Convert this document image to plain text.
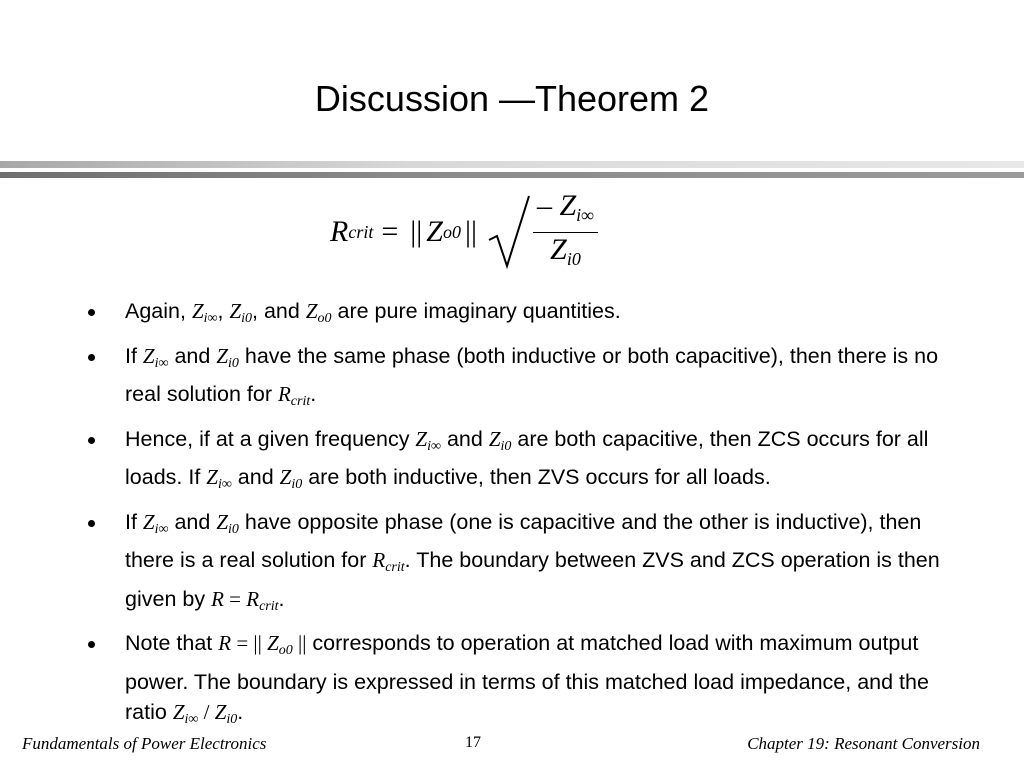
Discussion —Theorem 2
R crit = || Z o0 || $\frac{- Z_{i\infty}}{Z_{i0}}$
Again, $Z_{i\infty}$, $Z_{i0}$, and $Z_{o0}$ are pure imaginary quantities.
If $Z_{i\infty}$ and $Z_{i0}$ have the same phase (both inductive or both capacitive), then there is no real solution for $R_{crit}$.
Hence, if at a given frequency $Z_{i\infty}$ and $Z_{i0}$ are both capacitive, then ZCS occurs for all loads. If $Z_{i\infty}$ and $Z_{i0}$ are both inductive, then ZVS occurs for all loads.
If $Z_{i\infty}$ and $Z_{i0}$ have opposite phase (one is capacitive and the other is inductive), then there is a real solution for $R_{crit}$. The boundary between ZVS and ZCS operation is then given by $R = R_{crit}$.
Note that R = || $Z_{o0}$ || corresponds to operation at matched load with maximum output power. The boundary is expressed in terms of this matched load impedance, and the ratio $Z_{i\infty} / Z_{i0}$.
Fundamentals of Power Electronics	17	Chapter 19: Resonant Conversion
